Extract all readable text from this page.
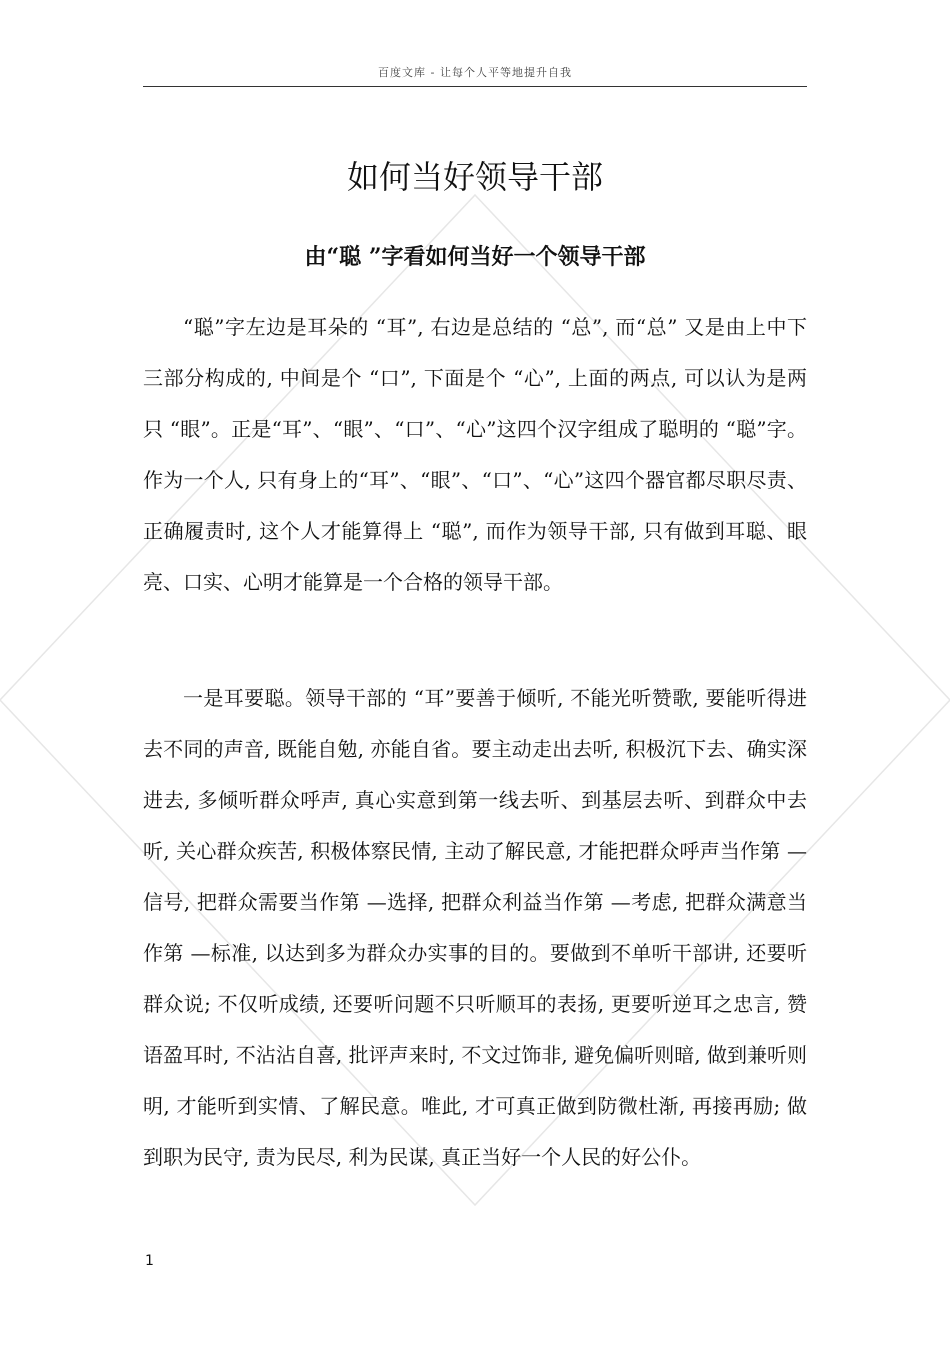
百度文库 - 让每个人平等地提升自我
如何当好领导干部
由“聪 ”字看如何当好一个领导干部

“聪”字左边是耳朵的 “耳”, 右边是总结的 “总”, 而“总” 又是由上中下三部分构成的, 中间是个 “口”, 下面是个 “心”, 上面的两点, 可以认为是两只 “眼”。正是“耳”、“眼”、“口”、“心”这四个汉字组成了聪明的 “聪”字。作为一个人, 只有身上的“耳”、“眼”、“口”、“心”这四个器官都尽职尽责、正确履责时, 这个人才能算得上 “聪”, 而作为领导干部, 只有做到耳聪、眼亮、口实、心明才能算是一个合格的领导干部。

一是耳要聪。领导干部的 “耳”要善于倾听, 不能光听赞歌, 要能听得进去不同的声音, 既能自勉, 亦能自省。要主动走出去听, 积极沉下去、确实深进去, 多倾听群众呼声, 真心实意到第一线去听、到基层去听、到群众中去听, 关心群众疾苦, 积极体察民情, 主动了解民意, 才能把群众呼声当作第 —信号, 把群众需要当作第 —选择, 把群众利益当作第 —考虑, 把群众满意当作第 —标准, 以达到多为群众办实事的目的。要做到不单听干部讲, 还要听群众说; 不仅听成绩, 还要听问题不只听顺耳的表扬, 更要听逆耳之忠言, 赞语盈耳时, 不沾沾自喜, 批评声来时, 不文过饰非, 避免偏听则暗, 做到兼听则明, 才能听到实情、了解民意。唯此, 才可真正做到防微杜渐, 再接再励; 做到职为民守, 责为民尽, 利为民谋, 真正当好一个人民的好公仆。

1
